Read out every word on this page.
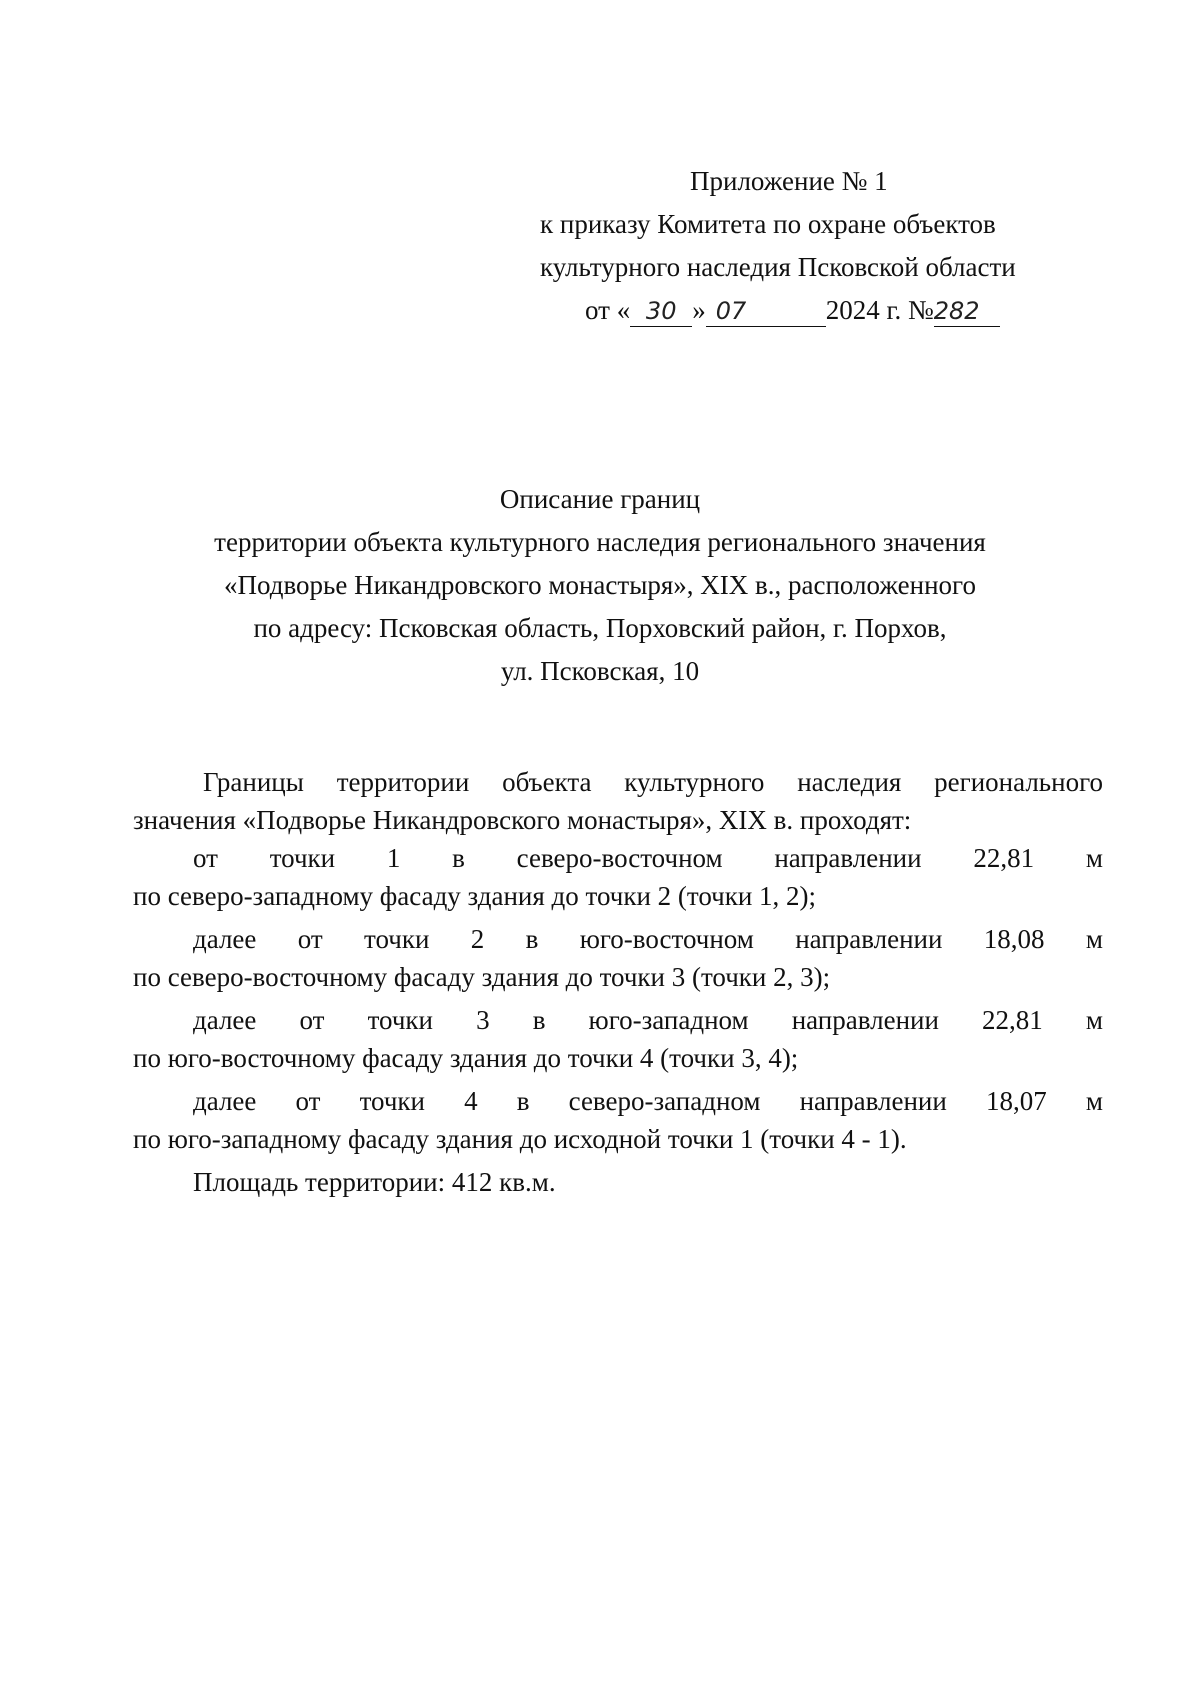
Приложение № 1
к приказу Комитета по охране объектов
культурного наследия Псковской области
от « 30 » 07	2024 г. №282
Описание границ
территории объекта культурного наследия регионального значения
«Подворье Никандровского монастыря», XIX в., расположенного
по адресу: Псковская область, Порховский район, г. Порхов,
ул. Псковская, 10
Границы территории объекта культурного наследия регионального
значения «Подворье Никандровского монастыря», XIX в. проходят:
от точки 1 в северо-восточном направлении 22,81 м
по северо-западному фасаду здания до точки 2 (точки 1, 2);
далее от точки 2 в юго-восточном направлении 18,08 м
по северо-восточному фасаду здания до точки 3 (точки 2, 3);
далее от точки 3 в юго-западном направлении 22,81 м
по юго-восточному фасаду здания до точки 4 (точки 3, 4);
далее от точки 4 в северо-западном направлении 18,07 м
по юго-западному фасаду здания до исходной точки 1 (точки 4 - 1).
Площадь территории: 412 кв.м.
